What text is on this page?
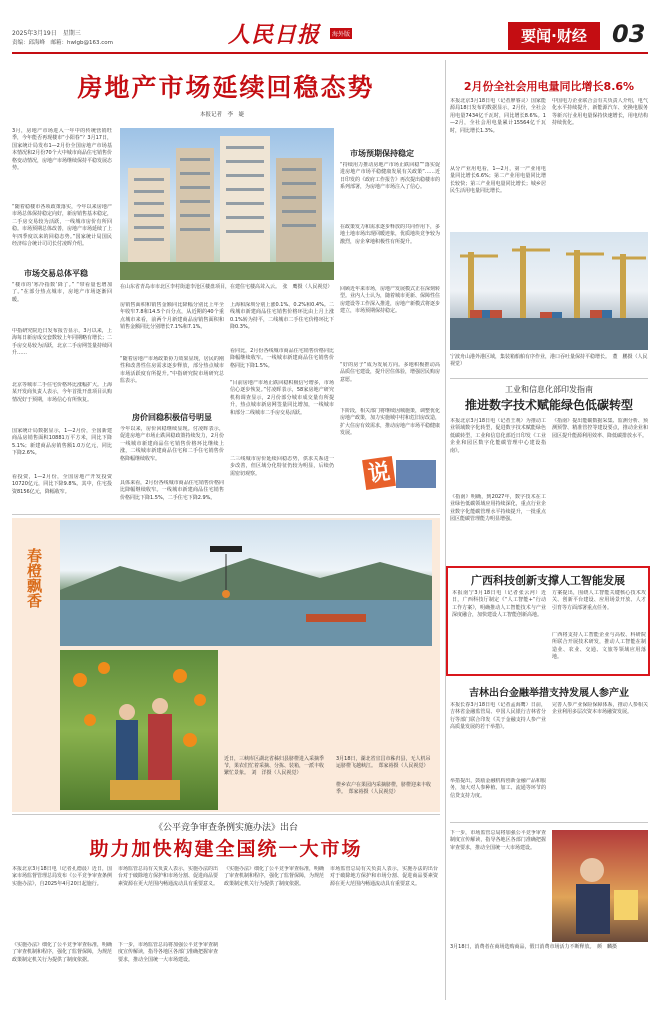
2025年3月19日　星期三
责编：邱海峰　邮箱：hwlgb@163.com	人民日报	海外版	要闻·财经	03
房地产市场延续回稳态势
本报记者　李　婕
3月，房地产市场进入一年中的传统营销旺季，今年能否再现楼市“小阳春”？3月17日，国家统计局发布1—2月份全国房地产市场基本情况和2月份70个大中城市商品住宅销售价格变动情况，房地产市场继续保持平稳发展态势。
“随着稳楼市各项政策落实，今年以来房地产市场总体保持稳定向好，新房销售基本稳定，二手房交易较为活跃，一线城市房价有所回稳。市场预期总体改善，房地产市场延续了上年四季度以来的回稳态势。”国家统计局国民经济综合统计司司长付凌晖介绍。
市场交易总体平稳
“楼市的‘寒冷指数’降了。” “带看量也增加了。”在部分热点城市，房地产市场逐渐回暖。
中指研究院近日发布报告显示，3月以来，上海每日新房成交套数较上年同期略有增长；二手房交易较为活跃，北京二手房网签量持续回升……
北京等城市二手住宅价格环比涨幅扩大。上海某开发商负责人表示，今年首批开盘项目认购情况好于预期，市场信心有所恢复。
国家统计局数据显示，1—2月份，全国新建商品房销售面积10881万平方米，同比下降5.1%；新建商品房销售额1.0万亿元，同比下降2.6%。
看投资，1—2月份，全国房地产开发投资10720亿元，同比下降9.8%。其中，住宅投资8156亿元，降幅收窄。
在山东省青岛市市北区李村街道李沧区楼盘项目，在建住宅楼高耸入云。　张　鹰摄（人民视觉）
房销售面积和销售金额同比降幅分别比上年全年收窄7.8和14.5个百分点，从近期的40个重点城市来看，前两个月新建商品房销售面积和销售金额同比分别增长7.1%和7.1%。
“随着房地产市场政策协力效果显现，居民的刚性和改善性住房需求逐步释放，部分热点城市市场活跃度有所提升。”中指研究院市场研究总监表示。
房价回稳积极信号明显
今年以来，房价回稳继续显现。付凌晖表示，促进房地产市场止跌回稳政策持续发力，2月份一线城市新建商品住宅销售价格环比继续上涨，二线城市新建商品住宅和二手住宅销售价格降幅继续收窄。
具体来看，2月份各线城市商品住宅销售价格同比降幅继续收窄。一线城市新建商品住宅销售价格同比下降1.5%，二手住宅下降2.9%。
上海和深圳分别上涨0.1%、0.2%和0.4%。二线城市新建商品住宅销售价格环比由上月上涨0.1%转为持平，二线城市二手住宅价格环比下降0.3%。
看同比，2月份各线城市商品住宅销售价格同比降幅继续收窄。一线城市新建商品住宅销售价格同比下降1.5%。
“目前房地产市场止跌回稳积极信号增多，市场信心逐步恢复。”付凌晖表示，58家房地产研究机构调查显示，2月份部分城市成交量有所提升，热点城市新房网签量同比增加，一线城市和部分二线城市二手房交易活跃。
二三线城市房价延续回稳态势，供求关系进一步改善，但区域分化特征仍较为明显，后续仍需密切观察。
市场预期保持稳定
“持续用力推动房地产市场止跌回稳”“落实促进房地产市场平稳健康发展有关政策”……近日印发的《政府工作报告》再次提出稳楼市的系列部署，为房地产市场注入了信心。
在政策发力和需求逐步释放的共同作用下，多地土地市场出现回暖迹象，优质地块竞争较为激烈，房企拿地积极性有所提升。
回顾近年来市场，房地产发展模式正在深刻转型。业内人士认为，随着城市更新、保障性住房建设等工作深入推进，房地产新模式将逐步建立，市场预期保持稳定。
“好的房子”成为发展方向。多地积极推动高品质住宅建设，提升居住体验，增强居民购房意愿。
下阶段，相关部门将继续因城施策，调整优化房地产政策，加力实施城中村和危旧房改造，扩大住房有效需求，推动房地产市场平稳健康发展。
说
春橙飘香
近日，三峡库区湖北省秭归县脐橙进入采摘季节，果农们忙着采摘、分拣、装箱，一派丰收繁忙景象。　刘　洋摄（人民视觉）
3月18日，湖北省宜昌市秭归县，无人机吊运脐橙飞越峡江。　郑家裕摄（人民视觉）
橙乡农户在果园内采摘脐橙，脐橙迎来丰收季。　郑家裕摄（人民视觉）
《公平竞争审查条例实施办法》出台
助力加快构建全国统一大市场
本报北京3月18日电（记者孔德晨）近日，国家市场监督管理总局发布《公平竞争审查条例实施办法》，自2025年4月20日起施行。
《实施办法》细化了公平竞争审查标准，明确了审查机制和程序，强化了监督保障，为规范政策制定机关行为提供了制度依据。
市场监管总局有关负责人表示，实施办法的出台对于破除地方保护和市场分割、促进商品要素资源在更大范围内畅通流动具有重要意义。
下一步，市场监管总局将加强公平竞争审查制度宣传解读，指导各地区各部门准确把握审查要求，推动全国统一大市场建设。
《实施办法》细化了公平竞争审查标准，明确了审查机制和程序，强化了监督保障，为规范政策制定机关行为提供了制度依据。
市场监管总局有关负责人表示，实施办法的出台对于破除地方保护和市场分割、促进商品要素资源在更大范围内畅通流动具有重要意义。
2月份全社会用电量同比增长8.6%
本报北京3月18日电（记者廖睿灵）国家能源局18日发布的数据显示，2月份，全社会用电量7434亿千瓦时，同比增长8.6%。1—2月，全社会用电量累计15564亿千瓦时，同比增长1.3%。
从分产业用电看，1—2月，第一产业用电量同比增长6.6%；第二产业用电量同比增长较快；第三产业用电量同比增长；城乡居民生活用电量同比增长。
中国电力企业联合会有关负责人介绍，电气化水平持续提升，新能源汽车、充换电服务等新兴行业用电量保持快速增长，用电结构持续优化。
宁波舟山港外港区域，集装箱船舶有序作业，港口吞吐量保持平稳增长。　董　鹏摄（人民视觉）
工业和信息化部印发指南
推进数字技术赋能绿色低碳转型
本报北京3月18日电（记者王观）为推动工业领域数字化转型，促进数字技术赋能绿色低碳转型，工业和信息化部近日印发《工业企业和园区数字化能碳管理中心建设指南》。
《指南》明确，到2027年，数字技术在工业绿色低碳领域应用持续深化，重点行业企业数字化能碳管理水平持续提升，一批重点园区能碳管理能力明显增强。
《指南》提出能碳数据采集、监测分析、预测预警、精准管控等建设要点，推动企业和园区提升能源利用效率、降低碳排放水平。
广西科技创新支撑人工智能发展
本报南宁3月18日电（记者张云河）近日，广西科技厅制定《“人工智能+”行动工作方案》，明确推动人工智能技术与产业深度融合，加快建设人工智能创新高地。
方案提出，围绕人工智能关键核心技术攻关、创新平台建设、应用场景开放、人才引育等方面部署重点任务。
广西将支持人工智能企业与高校、科研院所联合开展技术研发，推动人工智能在制造业、农业、交通、文旅等领域应用落地。
吉林出台金融举措支持发展人参产业
本报长春3月18日电（记者孟海鹰）日前，吉林省金融监管局、中国人民银行吉林省分行等部门联合印发《关于金融支持人参产业高质量发展的若干举措》。
举措提出，鼓励金融机构创新金融产品和服务，加大对人参种植、加工、流通等环节的信贷支持力度。
完善人参产业保险保障体系，推动人参相关企业利用多层次资本市场融资发展。
下一步，市场监管总局将加强公平竞争审查制度宣传解读，指导各地区各部门准确把握审查要求，推动全国统一大市场建设。
3月18日，消费者在商场选购商品，假日消费市场活力不断释放。　颜　麟摄
